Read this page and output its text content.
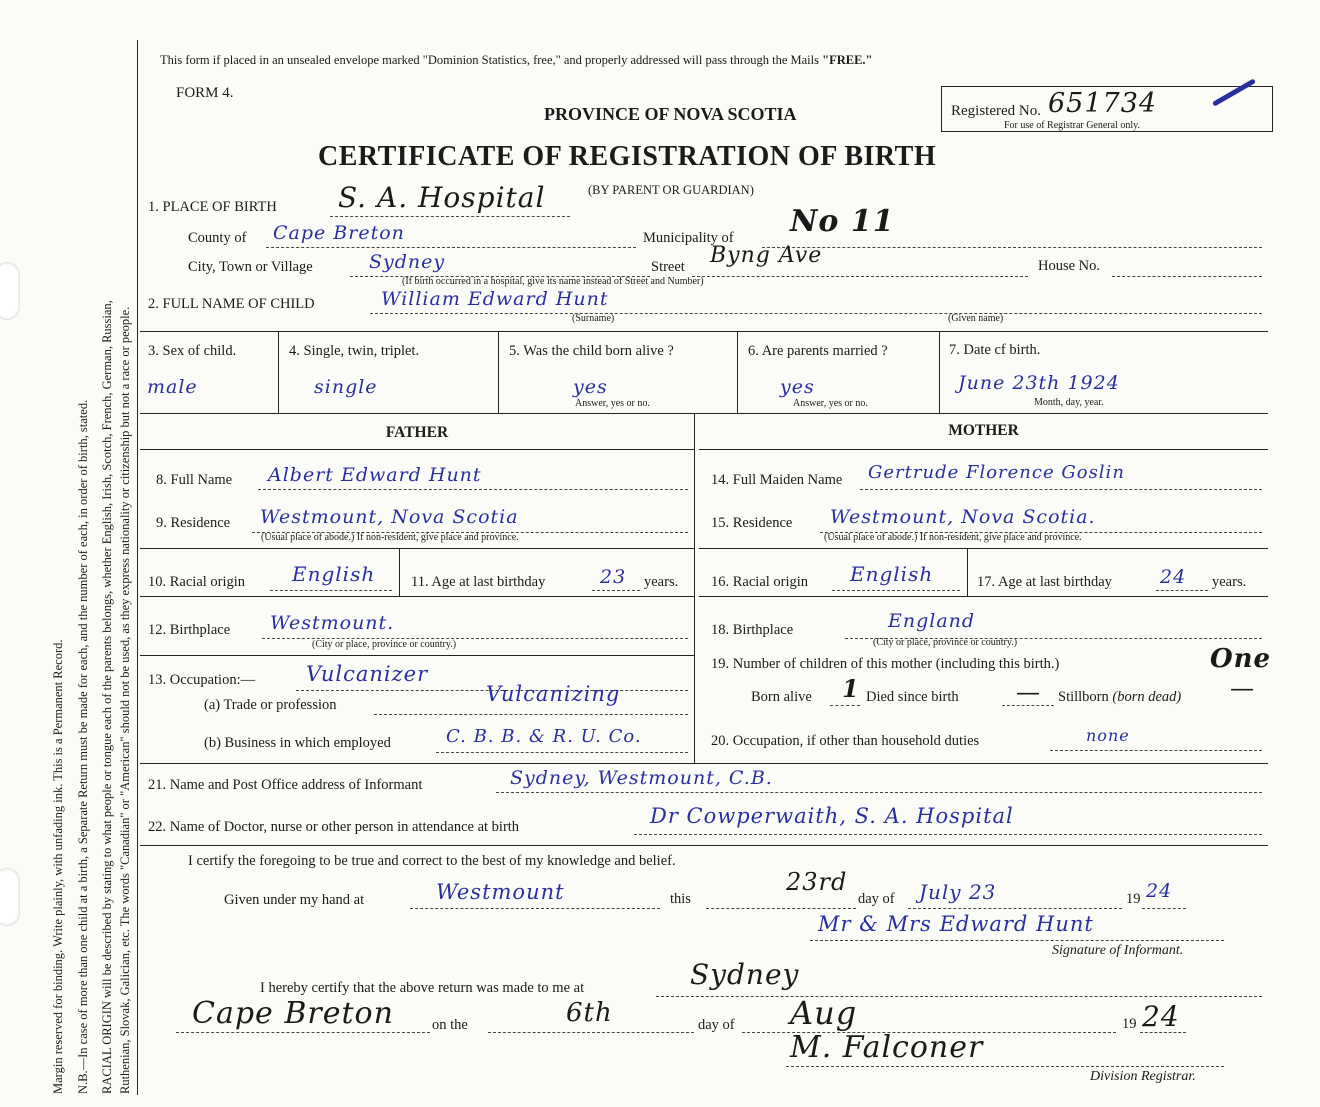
Margin reserved for binding. Write plainly, with unfading ink. This is a Permanent Record. N.B.—In case of more than one child at a birth, a Separate Return must be made for each, and the number of each, in order of birth, stated. RACIAL ORIGIN will be described by stating to what people or tongue each of the parents belongs, whether English, Irish, Scotch, French, German, Russian, Ruthenian, Slovak, Galician, etc. The words "Canadian" or "American" should not be used, as they express nationality or citizenship but not a race or people.
This form if placed in an unsealed envelope marked "Dominion Statistics, free," and properly addressed will pass through the Mails "FREE."
FORM 4.
PROVINCE OF NOVA SCOTIA	Registered No. 651734
For use of Registrar General only.
CERTIFICATE OF REGISTRATION OF BIRTH
1. PLACE OF BIRTH S. A. Hospital	(BY PARENT OR GUARDIAN)
County of Cape Breton	Municipality of No 11
City, Town or Village	Sydney	Street Byng Ave	House No.
(If birth occurred in a hospital, give its name instead of Street and Number)
2. FULL NAME OF CHILD	William Edward Hunt
(Surname)	(Given name)
3. Sex of child.
male
4. Single, twin, triplet.
single
5. Was the child born alive ?
yes
Answer, yes or no.
6. Are parents married ?
yes
Answer, yes or no.
7. Date cf birth.
June 23th 1924
Month, day, year.
FATHER	MOTHER
8. Full Name Albert Edward Hunt
9. Residence Westmount, Nova Scotia
(Usual place of abode.) If non-resident, give place and province.
10. Racial origin English 11. Age at last birthday	23 years.
12. Birthplace Westmount.
(City or place, province or country.)
13. Occupation:— Vulcanizer
(a) Trade or profession	Vulcanizing
(b) Business in which employed	C. B. B. & R. U. Co.
14. Full Maiden Name Gertrude Florence Goslin
15. Residence Westmount, Nova Scotia.
(Usual place of abode.) If non-resident, give place and province.
16. Racial origin English	17. Age at last birthday	24 years.
18. Birthplace	England
(City or place, province or country.)
19. Number of children of this mother (including this birth.)	One
Born alive 1 Died since birth — Stillborn (born dead) —
20. Occupation, if other than household duties	none
21. Name and Post Office address of Informant	Sydney, Westmount, C.B.
22. Name of Doctor, nurse or other person in attendance at birth	Dr Cowperwaith, S. A. Hospital
I certify the foregoing to be true and correct to the best of my knowledge and belief.
Given under my hand at	Westmount	this
23rd
day of July 23	19 24
Mr & Mrs Edward Hunt
Signature of Informant.
I hereby certify that the above return was made to me at	Sydney
Cape Breton	on the	6th	day of Aug	19 24
M. Falconer
Division Registrar.
